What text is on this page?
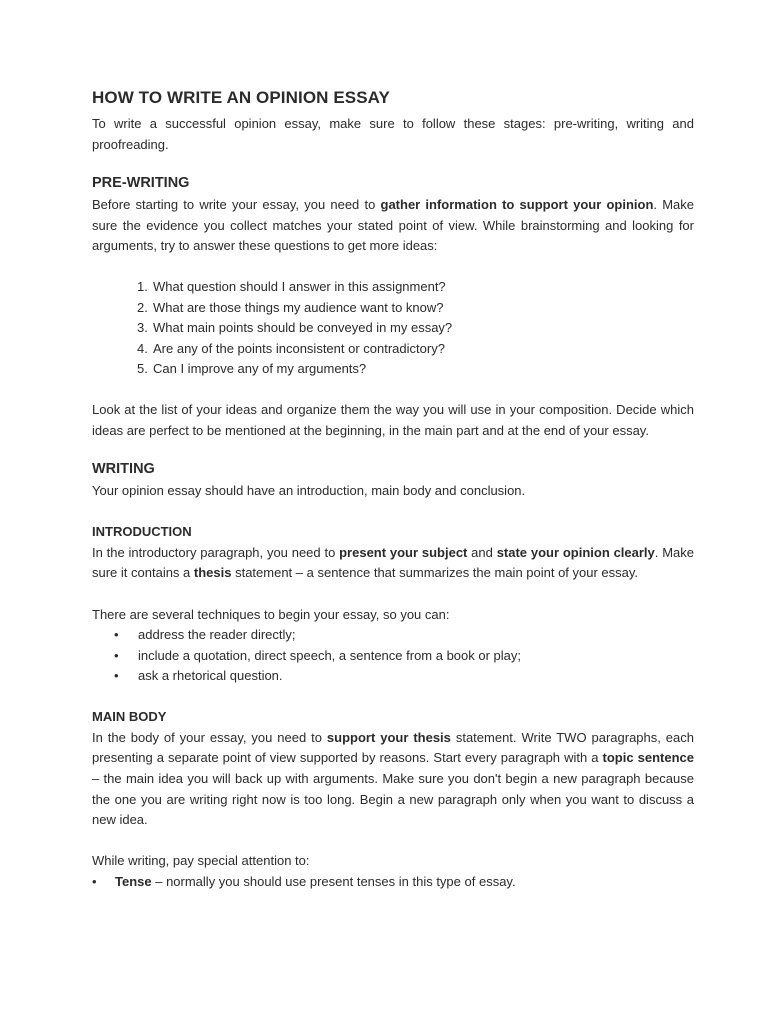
HOW TO WRITE AN OPINION ESSAY

To write a successful opinion essay, make sure to follow these stages: pre-writing, writing and proofreading.

PRE-WRITING

Before starting to write your essay, you need to gather information to support your opinion. Make sure the evidence you collect matches your stated point of view. While brainstorming and looking for arguments, try to answer these questions to get more ideas:

1. What question should I answer in this assignment?
2. What are those things my audience want to know?
3. What main points should be conveyed in my essay?
4. Are any of the points inconsistent or contradictory?
5. Can I improve any of my arguments?

Look at the list of your ideas and organize them the way you will use in your composition. Decide which ideas are perfect to be mentioned at the beginning, in the main part and at the end of your essay.

WRITING

Your opinion essay should have an introduction, main body and conclusion.

INTRODUCTION

In the introductory paragraph, you need to present your subject and state your opinion clearly. Make sure it contains a thesis statement – a sentence that summarizes the main point of your essay.

There are several techniques to begin your essay, so you can:

• address the reader directly;
• include a quotation, direct speech, a sentence from a book or play;
• ask a rhetorical question.
MAIN BODY

In the body of your essay, you need to support your thesis statement. Write TWO paragraphs, each presenting a separate point of view supported by reasons. Start every paragraph with a topic sentence – the main idea you will back up with arguments. Make sure you don't begin a new paragraph because the one you are writing right now is too long. Begin a new paragraph only when you want to discuss a new idea.

While writing, pay special attention to:

• Tense – normally you should use present tenses in this type of essay.
